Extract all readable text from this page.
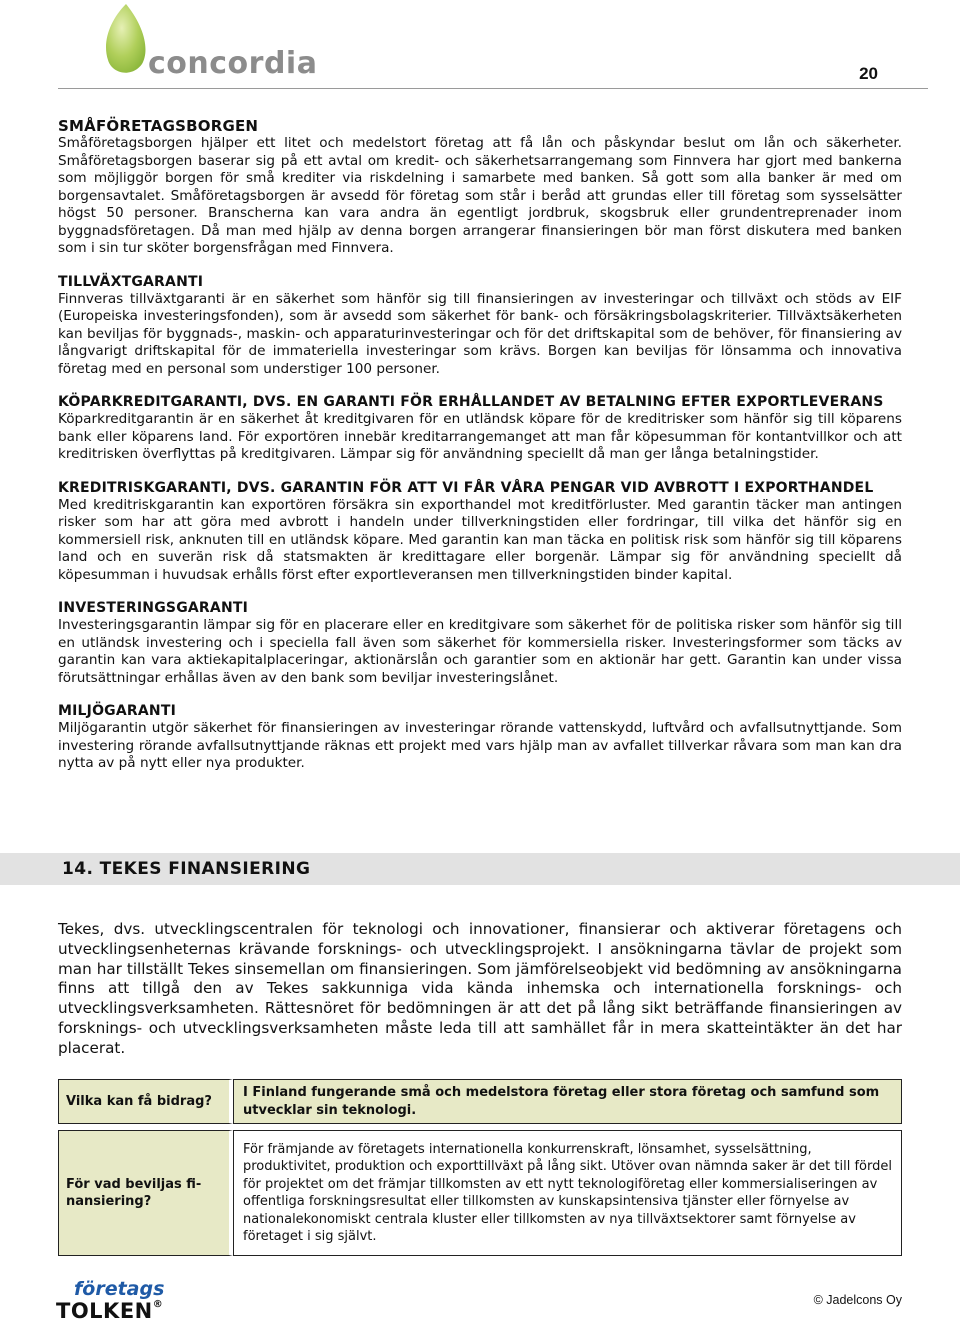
concordia	20
SMÅFÖRETAGSBORGEN
Småföretagsborgen hjälper ett litet och medelstort företag att få lån och påskyndar beslut om lån och säkerheter. Småföretagsborgen baserar sig på ett avtal om kredit- och säkerhetsarrangemang som Finnvera har gjort med bankerna som möjliggör borgen för små krediter via riskdelning i samarbete med banken. Så gott som alla banker är med om borgensavtalet. Småföretagsborgen är avsedd för företag som står i beråd att grundas eller till företag som sysselsätter högst 50 personer. Branscherna kan vara andra än egentligt jordbruk, skogsbruk eller grundentreprenader inom byggnadsföretagen. Då man med hjälp av denna borgen arrangerar finansieringen bör man först diskutera med banken som i sin tur sköter borgensfrågan med Finnvera.
TILLVÄXTGARANTI
Finnveras tillväxtgaranti är en säkerhet som hänför sig till finansieringen av investeringar och tillväxt och stöds av EIF (Europeiska investeringsfonden), som är avsedd som säkerhet för bank- och försäkringsbolagskriterier. Tillväxtsäkerheten kan beviljas för byggnads-, maskin- och apparaturinvesteringar och för det driftskapital som de behöver, för finansiering av långvarigt driftskapital för de immateriella investeringar som krävs. Borgen kan beviljas för lönsamma och innovativa företag med en personal som understiger 100 personer.
KÖPARKREDITGARANTI, DVS. EN GARANTI FÖR ERHÅLLANDET AV BETALNING EFTER EXPORTLEVERANS
Köparkreditgarantin är en säkerhet åt kreditgivaren för en utländsk köpare för de kreditrisker som hänför sig till köparens bank eller köparens land. För exportören innebär kreditarrangemanget att man får köpesumman för kontantvillkor och att kreditrisken överflyttas på kreditgivaren. Lämpar sig för användning speciellt då man ger långa betalningstider.
KREDITRISKGARANTI, DVS. GARANTIN FÖR ATT VI FÅR VÅRA PENGAR VID AVBROTT I EXPORTHANDEL
Med kreditriskgarantin kan exportören försäkra sin exporthandel mot kreditförluster. Med garantin täcker man antingen risker som har att göra med avbrott i handeln under tillverkningstiden eller fordringar, till vilka det hänför sig en kommersiell risk, anknuten till en utländsk köpare. Med garantin kan man täcka en politisk risk som hänför sig till köparens land och en suverän risk då statsmakten är kredittagare eller borgenär. Lämpar sig för användning speciellt då köpesumman i huvudsak erhålls först efter exportleveransen men tillverkningstiden binder kapital.
INVESTERINGSGARANTI
Investeringsgarantin lämpar sig för en placerare eller en kreditgivare som säkerhet för de politiska risker som hänför sig till en utländsk investering och i speciella fall även som säkerhet för kommersiella risker. Investeringsformer som täcks av garantin kan vara aktiekapitalplaceringar, aktionärslån och garantier som en aktionär har gett. Garantin kan under vissa förutsättningar erhållas även av den bank som beviljar investeringslånet.
MILJÖGARANTI
Miljögarantin utgör säkerhet för finansieringen av investeringar rörande vattenskydd, luftvård och avfallsutnyttjande. Som investering rörande avfallsutnyttjande räknas ett projekt med vars hjälp man av avfallet tillverkar råvara som man kan dra nytta av på nytt eller nya produkter.
14. TEKES FINANSIERING
Tekes, dvs. utvecklingscentralen för teknologi och innovationer, finansierar och aktiverar företagens och utvecklingsenheternas krävande forsknings- och utvecklingsprojekt. I ansökningarna tävlar de projekt som man har tillställt Tekes sinsemellan om finansieringen. Som jämförelseobjekt vid bedömning av ansökningarna finns att tillgå den av Tekes sakkunniga vida kända inhemska och internationella forsknings- och utvecklingsverksamheten. Rättesnöret för bedömningen är att det på lång sikt beträffande finansieringen av forsknings- och utvecklingsverksamheten måste leda till att samhället får in mera skatteintäkter än det har placerat.
Vilka kan få bidrag?	I Finland fungerande små och medelstora företag eller stora företag och samfund som utvecklar sin teknologi.

För vad beviljas fi-nansiering?	För främjande av företagets internationella konkurrenskraft, lönsamhet, sysselsättning, produktivitet, produktion och exporttillväxt på lång sikt. Utöver ovan nämnda saker är det till fördel för projektet om det främjar tillkomsten av ett nytt teknologiföretag eller kommersialiseringen av offentliga forskningsresultat eller tillkomsten av kunskapsintensiva tjänster eller förnyelse av nationalekonomiskt centrala kluster eller tillkomsten av nya tillväxtsektorer samt förnyelse av företaget i sig självt.
företags
TOLKEN®	© Jadelcons Oy
